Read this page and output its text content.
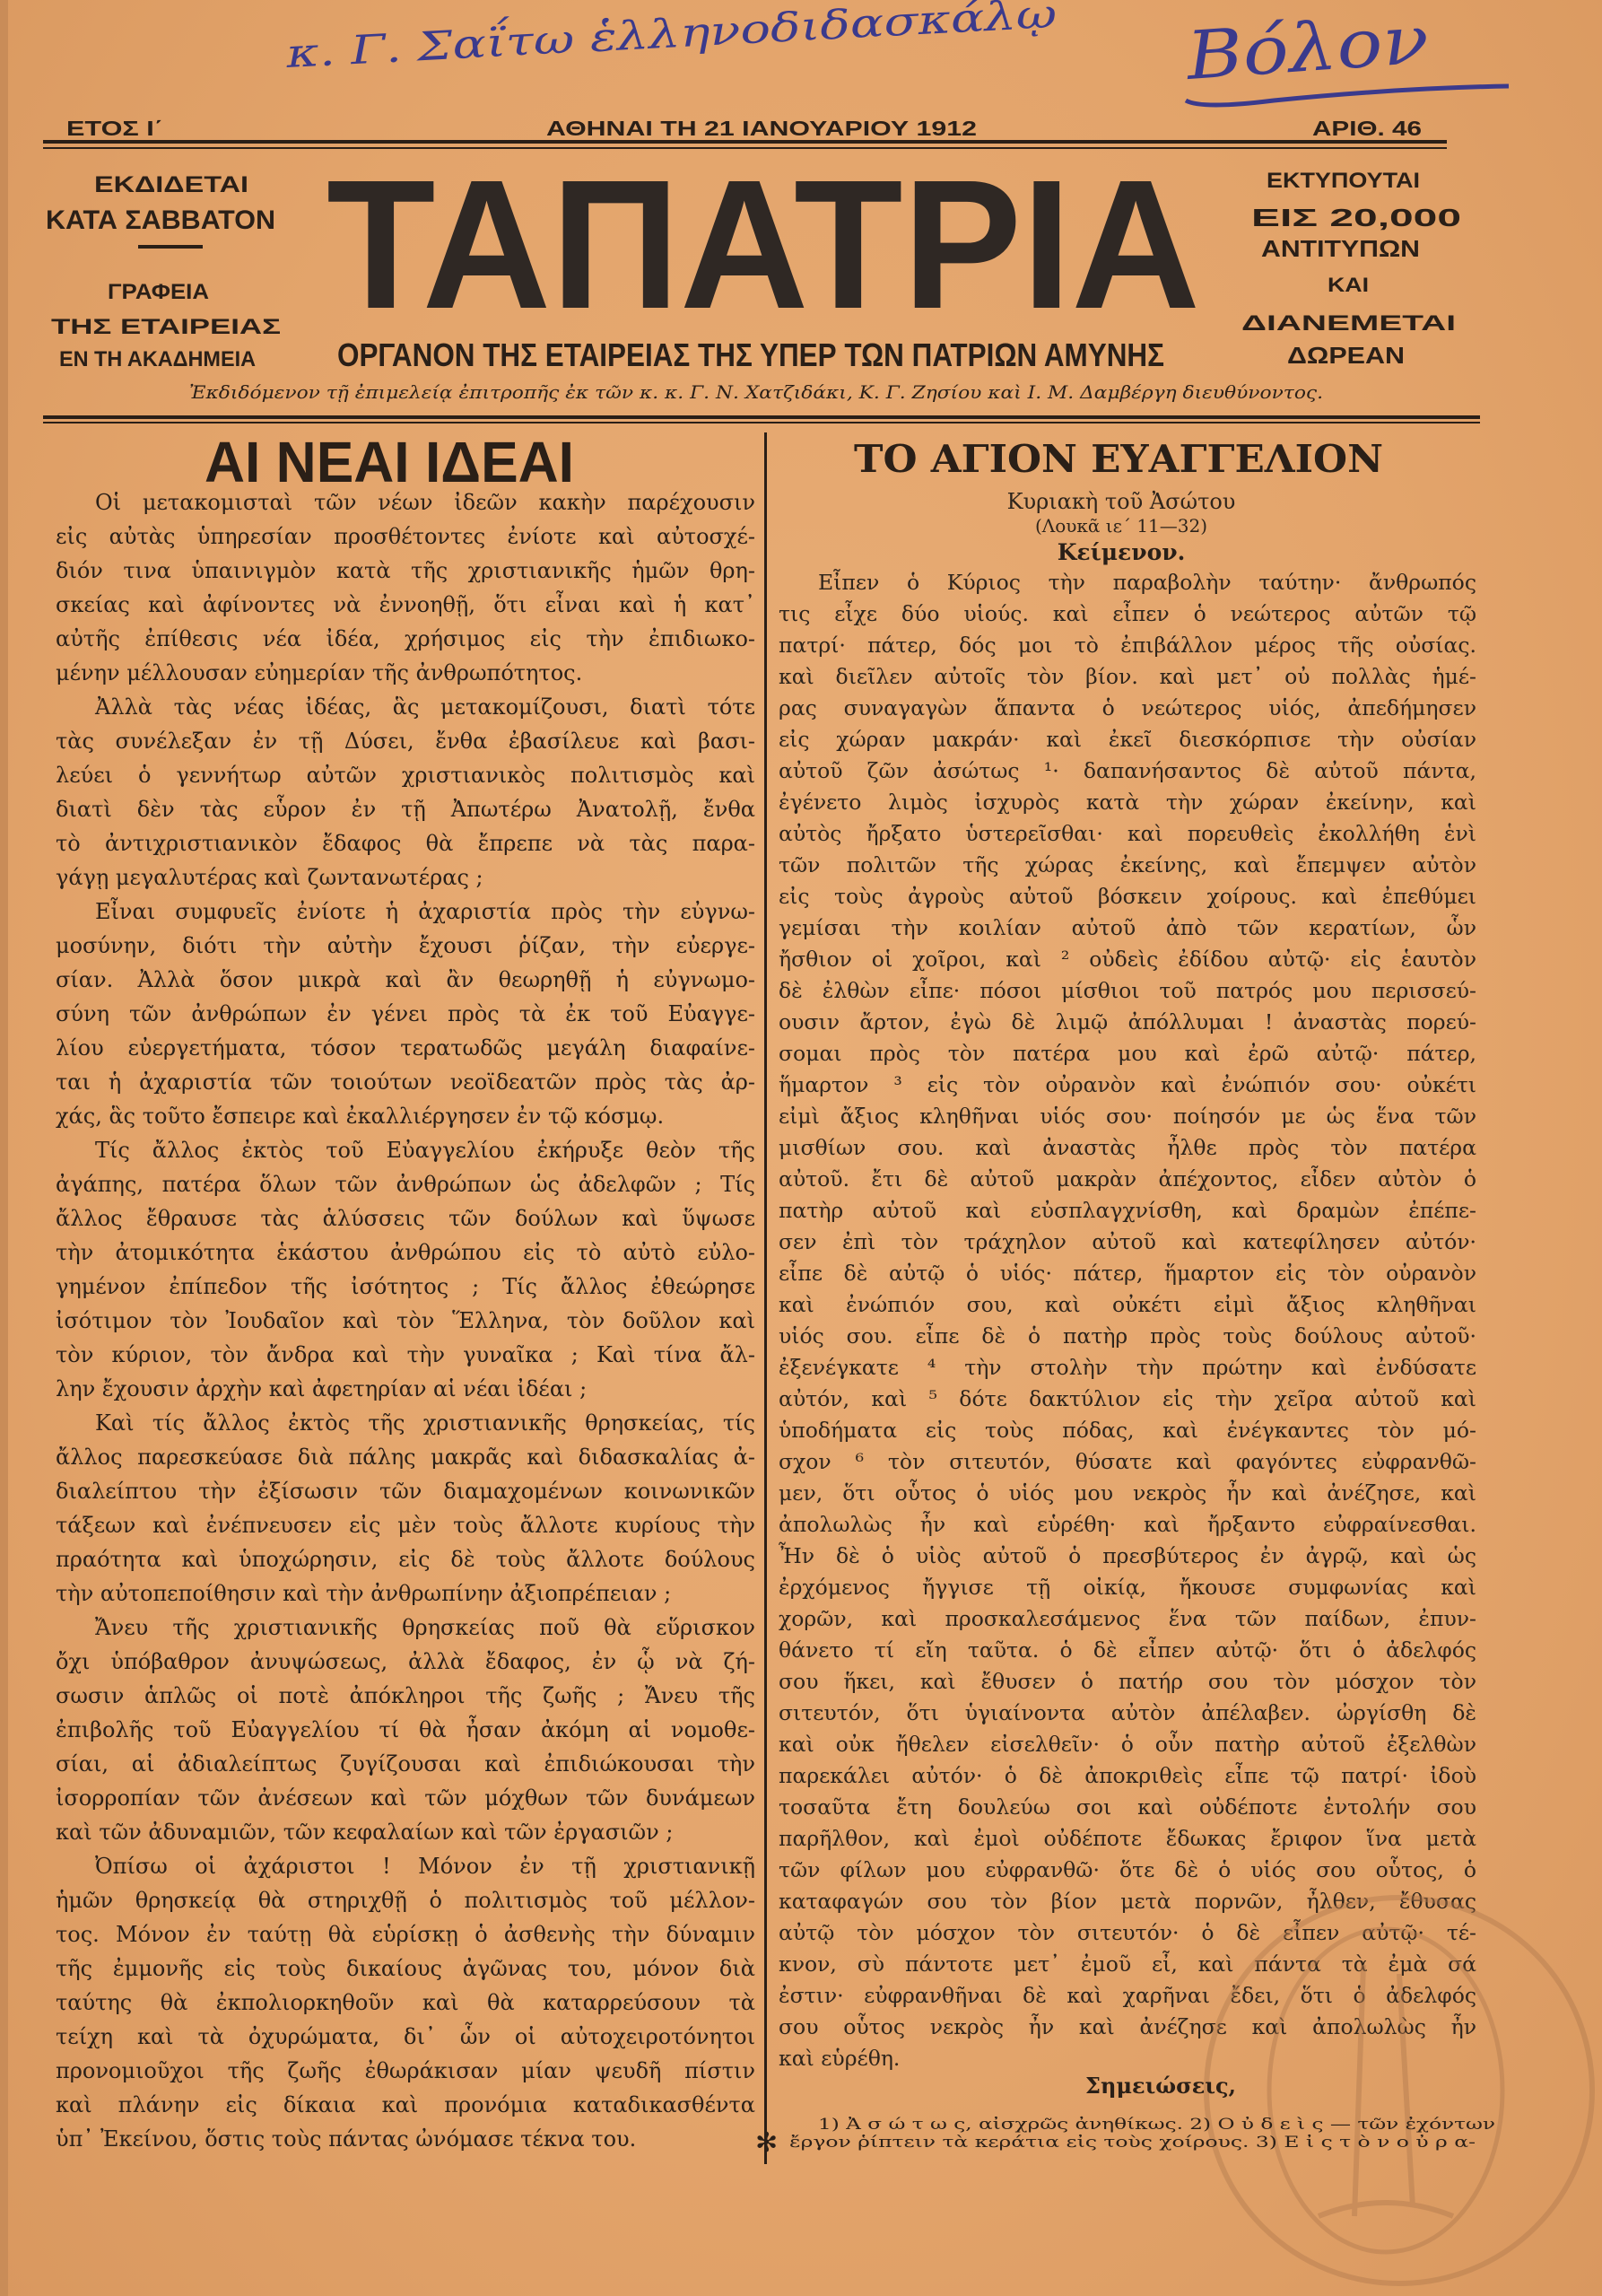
κ. Γ. Σαΐτω ἑλληνοδιδασκάλῳ	Βόλον
ΕΤΟΣ Ι΄	ΑΘΗΝΑΙ ΤΗ 21 ΙΑΝΟΥΑΡΙΟΥ 1912	ΑΡΙΘ. 46
ΕΚΔΙΔΕΤΑΙ
ΚΑΤΑ ΣΑΒΒΑΤΟΝ
ΓΡΑΦΕΙΑ
ΤΗΣ ΕΤΑΙΡΕΙΑΣ
ΕΝ ΤΗ ΑΚΑΔΗΜΕΙΑ
ΤΑΠΑΤΡΙΑ	ΕΚΤΥΠΟΥΤΑΙ
ΕΙΣ 20,000
ΑΝΤΙΤΥΠΩΝ
ΚΑΙ
ΔΙΑΝΕΜΕΤΑΙ
ΔΩΡΕΑΝ
ΟΡΓΑΝΟΝ ΤΗΣ ΕΤΑΙΡΕΙΑΣ ΤΗΣ ΥΠΕΡ ΤΩΝ ΠΑΤΡΙΩΝ ΑΜΥΝΗΣ
Ἐκδιδόμενον τῇ ἐπιμελείᾳ ἐπιτροπῆς ἐκ τῶν κ. κ. Γ. Ν. Χατζιδάκι, Κ. Γ. Ζησίου καὶ Ι. Μ. Δαμβέργη διευθύνοντος.
ΑΙ ΝΕΑΙ ΙΔΕΑΙ	ΤΟ ΑΓΙΟΝ ΕΥΑΓΓΕΛΙΟΝ
Κυριακὴ τοῦ Ἀσώτου
(Λουκᾶ ιε΄ 11—32)
Κείμενον.
Οἱ μετακομισταὶ τῶν νέων ἰδεῶν κακὴν παρέχουσιν
εἰς αὐτὰς ὑπηρεσίαν προσθέτοντες ἐνίοτε καὶ αὐτοσχέ-
διόν τινα ὑπαινιγμὸν κατὰ τῆς χριστιανικῆς ἡμῶν θρη-
σκείας καὶ ἀφίνοντες νὰ ἐννοηθῇ, ὅτι εἶναι καὶ ἡ κατ᾿
αὐτῆς ἐπίθεσις νέα ἰδέα, χρήσιμος εἰς τὴν ἐπιδιωκο-
μένην μέλλουσαν εὐημερίαν τῆς ἀνθρωπότητος.
Ἀλλὰ τὰς νέας ἰδέας, ἃς μετακομίζουσι, διατὶ τότε
τὰς συνέλεξαν ἐν τῇ Δύσει, ἔνθα ἐβασίλευε καὶ βασι-
λεύει ὁ γεννήτωρ αὐτῶν χριστιανικὸς πολιτισμὸς καὶ
διατὶ δὲν τὰς εὗρον ἐν τῇ Ἀπωτέρω Ἀνατολῇ, ἔνθα
τὸ ἀντιχριστιανικὸν ἔδαφος θὰ ἔπρεπε νὰ τὰς παρα-
γάγῃ μεγαλυτέρας καὶ ζωντανωτέρας ;
Εἶναι συμφυεῖς ἐνίοτε ἡ ἀχαριστία πρὸς τὴν εὐγνω-
μοσύνην, διότι τὴν αὐτὴν ἔχουσι ῥίζαν, τὴν εὐεργε-
σίαν. Ἀλλὰ ὅσον μικρὰ καὶ ἂν θεωρηθῇ ἡ εὐγνωμο-
σύνη τῶν ἀνθρώπων ἐν γένει πρὸς τὰ ἐκ τοῦ Εὐαγγε-
λίου εὐεργετήματα, τόσον τερατωδῶς μεγάλη διαφαίνε-
ται ἡ ἀχαριστία τῶν τοιούτων νεοϊδεατῶν πρὸς τὰς ἀρ-
χάς, ἃς τοῦτο ἔσπειρε καὶ ἐκαλλιέργησεν ἐν τῷ κόσμῳ.
Τίς ἄλλος ἐκτὸς τοῦ Εὐαγγελίου ἐκήρυξε θεὸν τῆς
ἀγάπης, πατέρα ὅλων τῶν ἀνθρώπων ὡς ἀδελφῶν ; Τίς
ἄλλος ἔθραυσε τὰς ἁλύσσεις τῶν δούλων καὶ ὕψωσε
τὴν ἀτομικότητα ἑκάστου ἀνθρώπου εἰς τὸ αὐτὸ εὐλο-
γημένον ἐπίπεδον τῆς ἰσότητος ; Τίς ἄλλος ἐθεώρησε
ἰσότιμον τὸν Ἰουδαῖον καὶ τὸν Ἕλληνα, τὸν δοῦλον καὶ
τὸν κύριον, τὸν ἄνδρα καὶ τὴν γυναῖκα ; Καὶ τίνα ἄλ-
λην ἔχουσιν ἀρχὴν καὶ ἀφετηρίαν αἱ νέαι ἰδέαι ;
Καὶ τίς ἄλλος ἐκτὸς τῆς χριστιανικῆς θρησκείας, τίς
ἄλλος παρεσκεύασε διὰ πάλης μακρᾶς καὶ διδασκαλίας ἀ-
διαλείπτου τὴν ἐξίσωσιν τῶν διαμαχομένων κοινωνικῶν
τάξεων καὶ ἐνέπνευσεν εἰς μὲν τοὺς ἄλλοτε κυρίους τὴν
πραότητα καὶ ὑποχώρησιν, εἰς δὲ τοὺς ἄλλοτε δούλους
τὴν αὐτοπεποίθησιν καὶ τὴν ἀνθρωπίνην ἀξιοπρέπειαν ;
Ἄνευ τῆς χριστιανικῆς θρησκείας ποῦ θὰ εὕρισκον
ὄχι ὑπόβαθρον ἀνυψώσεως, ἀλλὰ ἔδαφος, ἐν ᾧ νὰ ζή-
σωσιν ἁπλῶς οἱ ποτὲ ἀπόκληροι τῆς ζωῆς ; Ἄνευ τῆς
ἐπιβολῆς τοῦ Εὐαγγελίου τί θὰ ἦσαν ἀκόμη αἱ νομοθε-
σίαι, αἱ ἀδιαλείπτως ζυγίζουσαι καὶ ἐπιδιώκουσαι τὴν
ἰσορροπίαν τῶν ἀνέσεων καὶ τῶν μόχθων τῶν δυνάμεων
καὶ τῶν ἀδυναμιῶν, τῶν κεφαλαίων καὶ τῶν ἐργασιῶν ;
Ὀπίσω οἱ ἀχάριστοι ! Μόνον ἐν τῇ χριστιανικῇ
ἡμῶν θρησκείᾳ θὰ στηριχθῇ ὁ πολιτισμὸς τοῦ μέλλον-
τος. Μόνον ἐν ταύτῃ θὰ εὑρίσκῃ ὁ ἀσθενὴς τὴν δύναμιν
τῆς ἐμμονῆς εἰς τοὺς δικαίους ἀγῶνας του, μόνον διὰ
ταύτης θὰ ἐκπολιορκηθοῦν καὶ θὰ καταρρεύσουν τὰ
τείχη καὶ τὰ ὀχυρώματα, δι᾿ ὧν οἱ αὐτοχειροτόνητοι
προνομιοῦχοι τῆς ζωῆς ἐθωράκισαν μίαν ψευδῆ πίστιν
καὶ πλάνην εἰς δίκαια καὶ προνόμια καταδικασθέντα
ὑπ᾿ Ἐκείνου, ὅστις τοὺς πάντας ὠνόμασε τέκνα του.
Εἶπεν ὁ Κύριος τὴν παραβολὴν ταύτην· ἄνθρωπός
τις εἶχε δύο υἱούς. καὶ εἶπεν ὁ νεώτερος αὐτῶν τῷ
πατρί· πάτερ, δός μοι τὸ ἐπιβάλλον μέρος τῆς οὐσίας.
καὶ διεῖλεν αὐτοῖς τὸν βίον. καὶ μετ᾿ οὐ πολλὰς ἡμέ-
ρας συναγαγὼν ἅπαντα ὁ νεώτερος υἱός, ἀπεδήμησεν
εἰς χώραν μακράν· καὶ ἐκεῖ διεσκόρπισε τὴν οὐσίαν
αὐτοῦ ζῶν ἀσώτως ¹· δαπανήσαντος δὲ αὐτοῦ πάντα,
ἐγένετο λιμὸς ἰσχυρὸς κατὰ τὴν χώραν ἐκείνην, καὶ
αὐτὸς ἤρξατο ὑστερεῖσθαι· καὶ πορευθεὶς ἐκολλήθη ἑνὶ
τῶν πολιτῶν τῆς χώρας ἐκείνης, καὶ ἔπεμψεν αὐτὸν
εἰς τοὺς ἀγροὺς αὐτοῦ βόσκειν χοίρους. καὶ ἐπεθύμει
γεμίσαι τὴν κοιλίαν αὐτοῦ ἀπὸ τῶν κερατίων, ὧν
ἤσθιον οἱ χοῖροι, καὶ ² οὐδεὶς ἐδίδου αὐτῷ· εἰς ἑαυτὸν
δὲ ἐλθὼν εἶπε· πόσοι μίσθιοι τοῦ πατρός μου περισσεύ-
ουσιν ἄρτον, ἐγὼ δὲ λιμῷ ἀπόλλυμαι ! ἀναστὰς πορεύ-
σομαι πρὸς τὸν πατέρα μου καὶ ἐρῶ αὐτῷ· πάτερ,
ἥμαρτον ³ εἰς τὸν οὐρανὸν καὶ ἐνώπιόν σου· οὐκέτι
εἰμὶ ἄξιος κληθῆναι υἱός σου· ποίησόν με ὡς ἕνα τῶν
μισθίων σου. καὶ ἀναστὰς ἦλθε πρὸς τὸν πατέρα
αὐτοῦ. ἔτι δὲ αὐτοῦ μακρὰν ἀπέχοντος, εἶδεν αὐτὸν ὁ
πατὴρ αὐτοῦ καὶ εὐσπλαγχνίσθη, καὶ δραμὼν ἐπέπε-
σεν ἐπὶ τὸν τράχηλον αὐτοῦ καὶ κατεφίλησεν αὐτόν·
εἶπε δὲ αὐτῷ ὁ υἱός· πάτερ, ἥμαρτον εἰς τὸν οὐρανὸν
καὶ ἐνώπιόν σου, καὶ οὐκέτι εἰμὶ ἄξιος κληθῆναι
υἱός σου. εἶπε δὲ ὁ πατὴρ πρὸς τοὺς δούλους αὐτοῦ·
ἐξενέγκατε ⁴ τὴν στολὴν τὴν πρώτην καὶ ἐνδύσατε
αὐτόν, καὶ ⁵ δότε δακτύλιον εἰς τὴν χεῖρα αὐτοῦ καὶ
ὑποδήματα εἰς τοὺς πόδας, καὶ ἐνέγκαντες τὸν μό-
σχον ⁶ τὸν σιτευτόν, θύσατε καὶ φαγόντες εὐφρανθῶ-
μεν, ὅτι οὗτος ὁ υἱός μου νεκρὸς ἦν καὶ ἀνέζησε, καὶ
ἀπολωλὼς ἦν καὶ εὑρέθη· καὶ ἤρξαντο εὐφραίνεσθαι.
Ἦν δὲ ὁ υἱὸς αὐτοῦ ὁ πρεσβύτερος ἐν ἀγρῷ, καὶ ὡς
ἐρχόμενος ἤγγισε τῇ οἰκίᾳ, ἤκουσε συμφωνίας καὶ
χορῶν, καὶ προσκαλεσάμενος ἕνα τῶν παίδων, ἐπυν-
θάνετο τί εἴη ταῦτα. ὁ δὲ εἶπεν αὐτῷ· ὅτι ὁ ἀδελφός
σου ἥκει, καὶ ἔθυσεν ὁ πατήρ σου τὸν μόσχον τὸν
σιτευτόν, ὅτι ὑγιαίνοντα αὐτὸν ἀπέλαβεν. ὠργίσθη δὲ
καὶ οὐκ ἤθελεν εἰσελθεῖν· ὁ οὖν πατὴρ αὐτοῦ ἐξελθὼν
παρεκάλει αὐτόν· ὁ δὲ ἀποκριθεὶς εἶπε τῷ πατρί· ἰδοὺ
τοσαῦτα ἔτη δουλεύω σοι καὶ οὐδέποτε ἐντολήν σου
παρῆλθον, καὶ ἐμοὶ οὐδέποτε ἔδωκας ἔριφον ἵνα μετὰ
τῶν φίλων μου εὐφρανθῶ· ὅτε δὲ ὁ υἱός σου οὗτος, ὁ
καταφαγών σου τὸν βίον μετὰ πορνῶν, ἦλθεν, ἔθυσας
αὐτῷ τὸν μόσχον τὸν σιτευτόν· ὁ δὲ εἶπεν αὐτῷ· τέ-
κνον, σὺ πάντοτε μετ᾿ ἐμοῦ εἶ, καὶ πάντα τὰ ἐμὰ σά
ἐστιν· εὐφρανθῆναι δὲ καὶ χαρῆναι ἔδει, ὅτι ὁ ἀδελφός
σου οὗτος νεκρὸς ἦν καὶ ἀνέζησε καὶ ἀπολωλὼς ἦν
καὶ εὑρέθη.
Σημειώσεις,
1) Ἀ σ ώ τ ω ς, αἰσχρῶς ἀνηθίκως. 2) Ο ὐ δ ε ὶ ς — τῶν ἐχόντων
✻ ἔργον ῥίπτειν τὰ κεράτια εἰς τοὺς χοίρους. 3) Ε ἰ ς τ ὸ ν ο ὐ ρ α-
